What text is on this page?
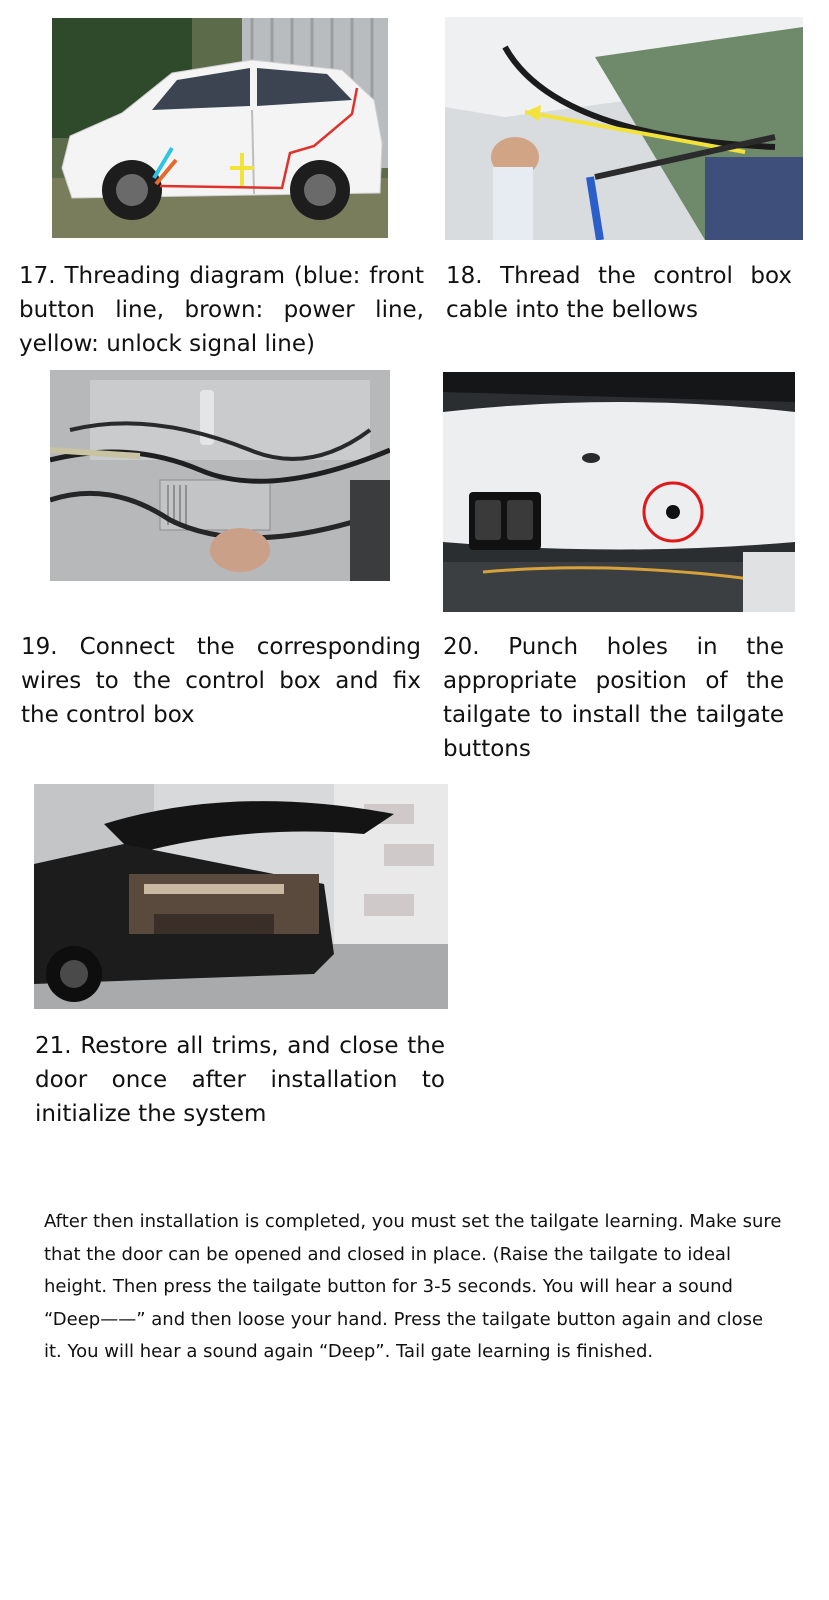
17. Threading diagram (blue: front button line, brown: power line, yellow: unlock signal line)

18. Thread the control box cable into the bellows

19. Connect the corresponding wires to the control box and fix the control box

20. Punch holes in the appropriate position of the tailgate to install the tailgate buttons

21. Restore all trims, and close the door once after installation to initialize the system

After then installation is completed, you must set the tailgate learning. Make sure that the door can be opened and closed in place. (Raise the tailgate to ideal height. Then press the tailgate button for 3-5 seconds. You will hear a sound “Deep——” and then loose your hand. Press the tailgate button again and close it. You will hear a sound again “Deep”. Tail gate learning is finished.
